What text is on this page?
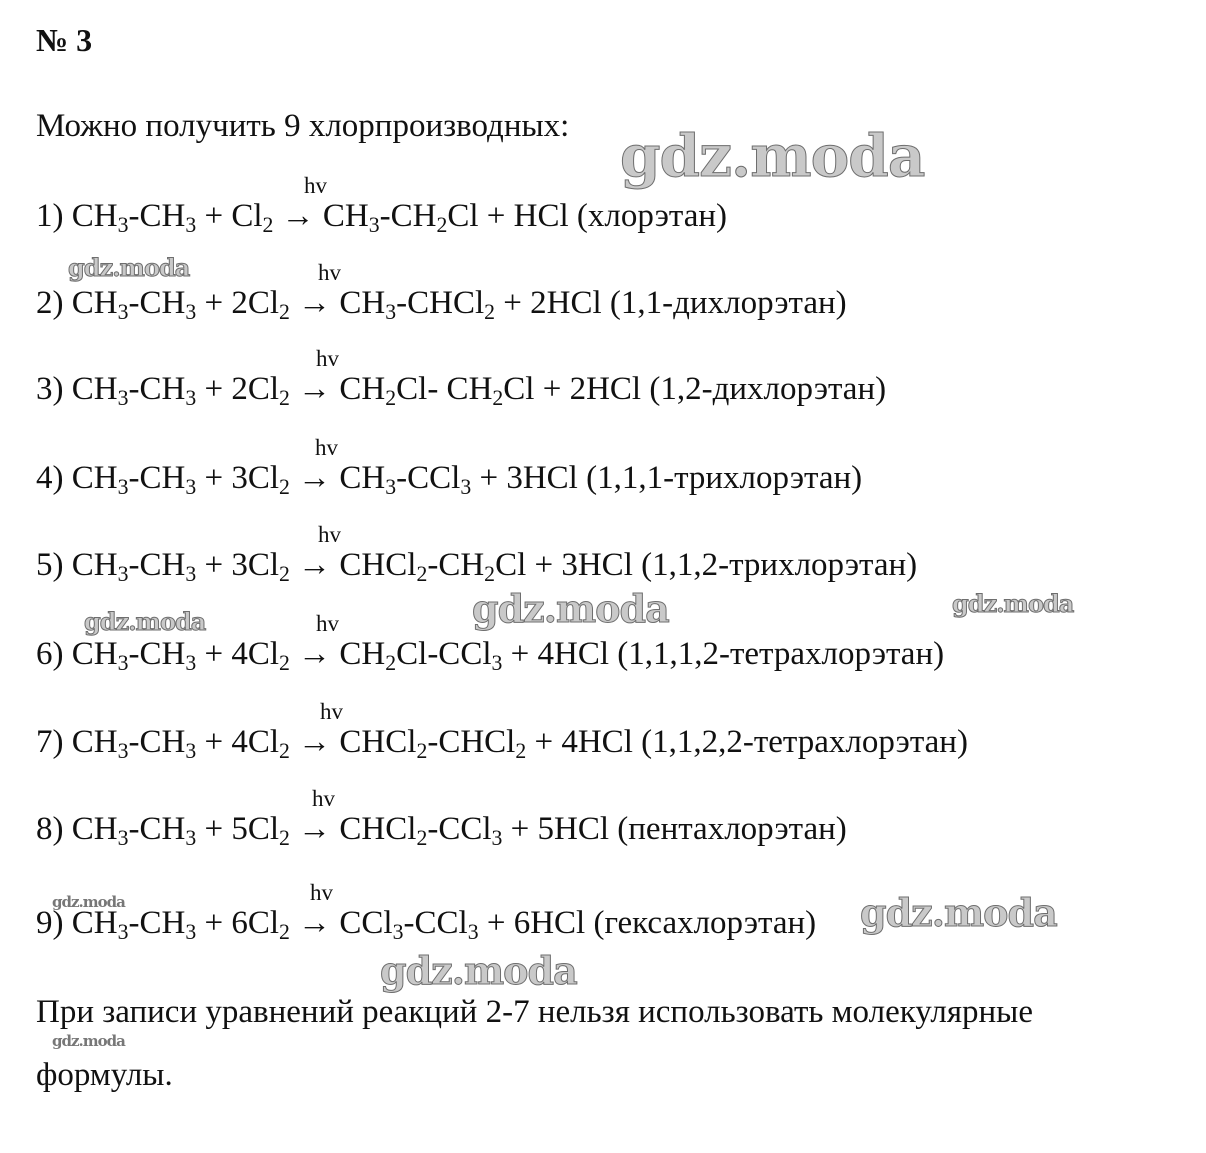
№ 3
Можно получить 9 хлорпроизводных:
1) $CH_3-CH_3 + Cl_2 \to CH_3-CH_2Cl$ + HCl (хлорэтан)
hv
2) $CH_3-CH_3 + 2Cl_2$ → $CH_3-CHCl_2 + 2HCl$ (1,1-дихлорэтан)
hv
3) $CH_3-CH_3 + 2Cl_2 \to CH_2Cl-$ $CH_2Cl + 2HCl$ (1,2-дихлорэтан)
hv
4) $CH_3-CH_3 + 3Cl_2 \to CH_3-CCl_3 + 3HCl$ (1,1,1-трихлорэтан)
hv
5) $CH_3-CH_3 + 3Cl_2$ → $CHCl_2-CH_2Cl + 3HCl$ (1,1,2-трихлорэтан)
hv
6) $CH_3-CH_3 + 4Cl_2 \to CH_2Cl-CCl_3 + 4HCl$ (1,1,1,2-тетрахлорэтан)
hv
7) $CH_3-CH_3 + 4Cl_2$ → CHCl$_2$-CHCl$_2$ + 4HCl (1,1,2,2-тетрахлорэтан)
hv
8) $CH_3-CH_3 + 5Cl_2$ → CHCl$_2$-CCl$_3$ + 5HCl (пентахлорэтан)
hv
9) $CH_3-CH_3 + 6Cl_2 \to CCl_3-CCl_3 + 6HCl$ (гексахлорэтан)
hv
При записи уравнений реакций 2-7 нельзя использовать молекулярные
формулы.
gdz.moda
gdz.moda
gdz.moda
gdz.moda
gdz.moda
gdz.moda
gdz.moda
gdz.moda
gdz.moda
